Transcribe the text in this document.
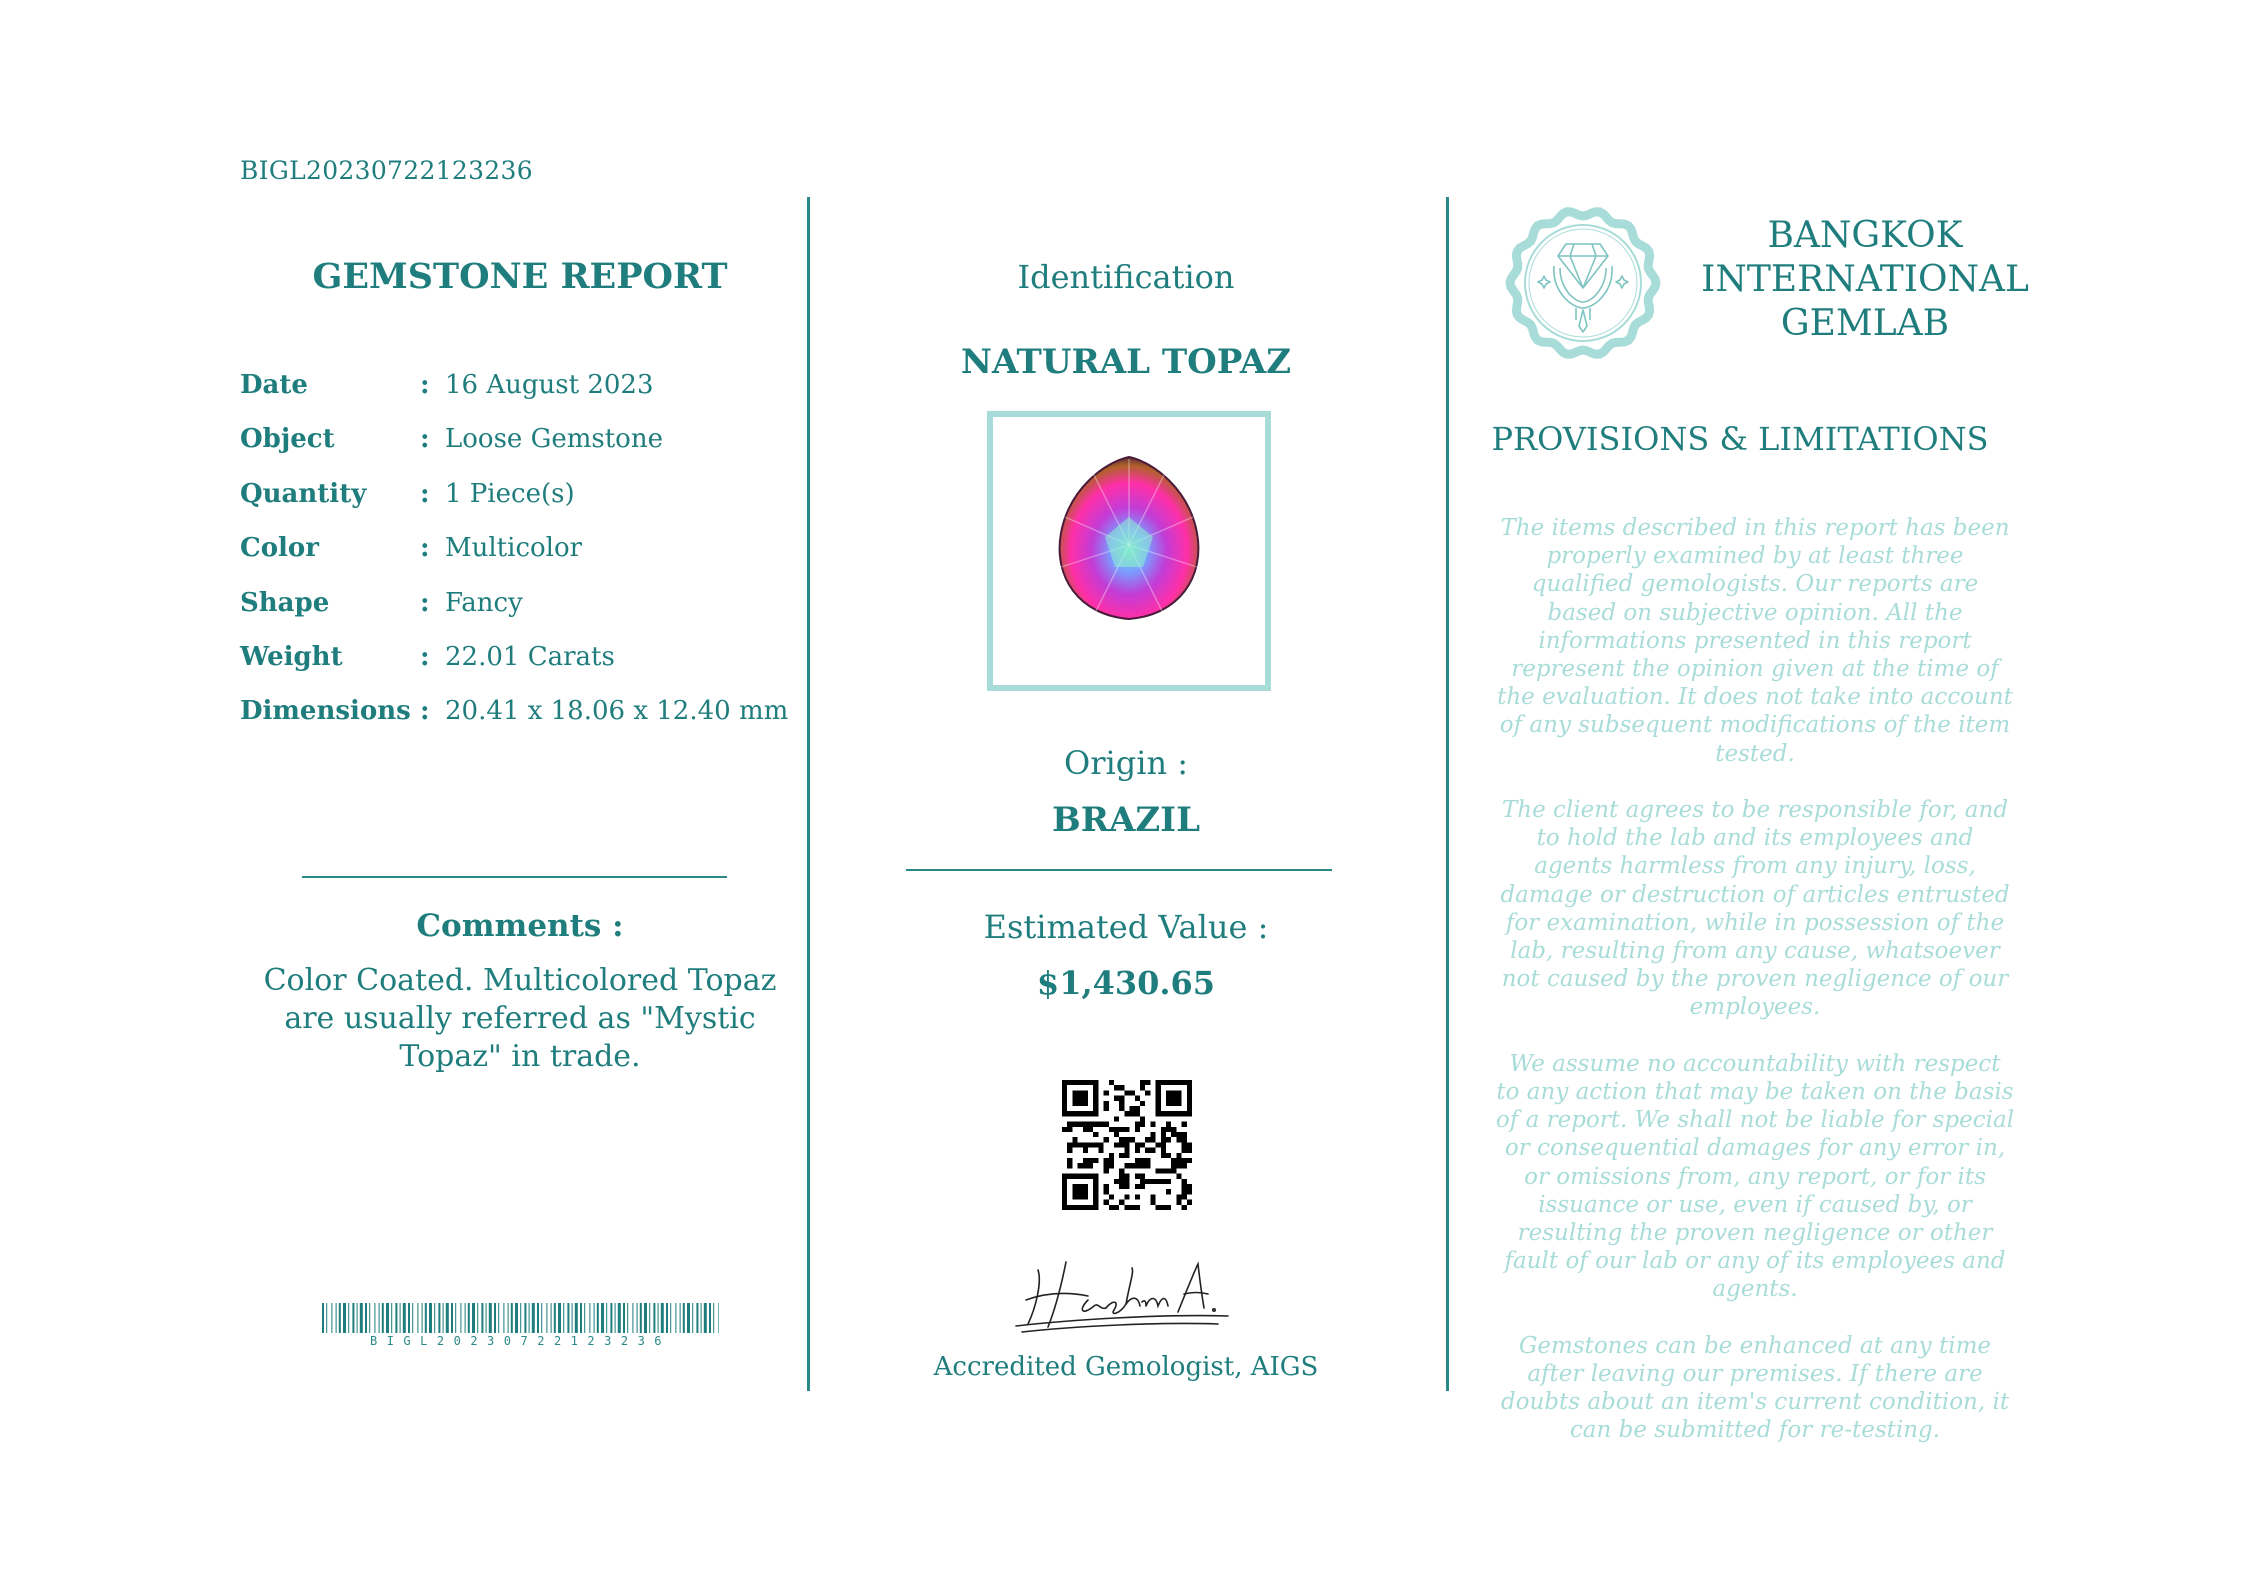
BIGL20230722123236
GEMSTONE REPORT
Date	: 16 August 2023
Object	: Loose Gemstone
Quantity : 1 Piece(s)
Color	: Multicolor
Shape	: Fancy
Weight	: 22.01 Carats
Dimensions : 20.41 x 18.06 x 12.40 mm
Comments :
Color Coated. Multicolored Topaz are usually referred as "Mystic Topaz" in trade.
BIGL20230722123236
Identification
NATURAL TOPAZ
Origin :
BRAZIL
Estimated Value :
$1,430.65
Accredited Gemologist, AIGS
BANGKOK
INTERNATIONAL
GEMLAB
PROVISIONS & LIMITATIONS

The items described in this report has been properly examined by at least three qualified gemologists. Our reports are based on subjective opinion. All the informations presented in this report represent the opinion given at the time of the evaluation. It does not take into account of any subsequent modifications of the item tested.

The client agrees to be responsible for, and to hold the lab and its employees and agents harmless from any injury, loss, damage or destruction of articles entrusted for examination, while in possession of the lab, resulting from any cause, whatsoever not caused by the proven negligence of our employees.

We assume no accountability with respect to any action that may be taken on the basis of a report. We shall not be liable for special or consequential damages for any error in, or omissions from, any report, or for its issuance or use, even if caused by, or resulting the proven negligence or other fault of our lab or any of its employees and agents.

Gemstones can be enhanced at any time after leaving our premises. If there are doubts about an item's current condition, it can be submitted for re-testing.
